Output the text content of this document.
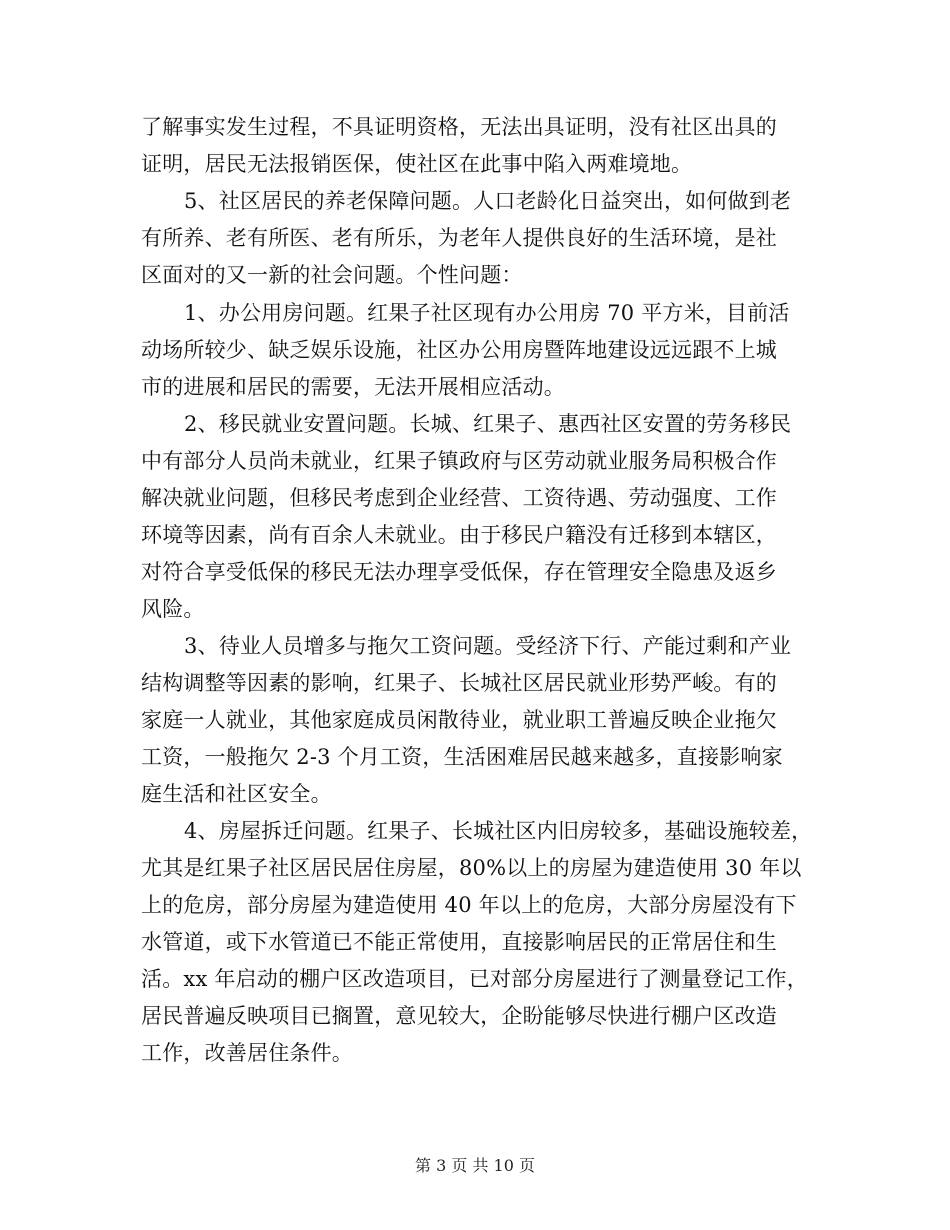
了解事实发生过程，不具证明资格，无法出具证明，没有社区出具的
证明，居民无法报销医保，使社区在此事中陷入两难境地。
5、社区居民的养老保障问题。人口老龄化日益突出，如何做到老
有所养、老有所医、老有所乐，为老年人提供良好的生活环境，是社
区面对的又一新的社会问题。个性问题：
1、办公用房问题。红果子社区现有办公用房 70 平方米，目前活
动场所较少、缺乏娱乐设施，社区办公用房暨阵地建设远远跟不上城
市的进展和居民的需要，无法开展相应活动。
2、移民就业安置问题。长城、红果子、惠西社区安置的劳务移民
中有部分人员尚未就业，红果子镇政府与区劳动就业服务局积极合作
解决就业问题，但移民考虑到企业经营、工资待遇、劳动强度、工作
环境等因素，尚有百余人未就业。由于移民户籍没有迁移到本辖区，
对符合享受低保的移民无法办理享受低保，存在管理安全隐患及返乡
风险。
3、待业人员增多与拖欠工资问题。受经济下行、产能过剩和产业
结构调整等因素的影响，红果子、长城社区居民就业形势严峻。有的
家庭一人就业，其他家庭成员闲散待业，就业职工普遍反映企业拖欠
工资，一般拖欠 2-3 个月工资，生活困难居民越来越多，直接影响家
庭生活和社区安全。
4、房屋拆迁问题。红果子、长城社区内旧房较多，基础设施较差，
尤其是红果子社区居民居住房屋，80%以上的房屋为建造使用 30 年以
上的危房，部分房屋为建造使用 40 年以上的危房，大部分房屋没有下
水管道，或下水管道已不能正常使用，直接影响居民的正常居住和生
活。xx 年启动的棚户区改造项目，已对部分房屋进行了测量登记工作，
居民普遍反映项目已搁置，意见较大，企盼能够尽快进行棚户区改造
工作，改善居住条件。
第 3 页 共 10 页
